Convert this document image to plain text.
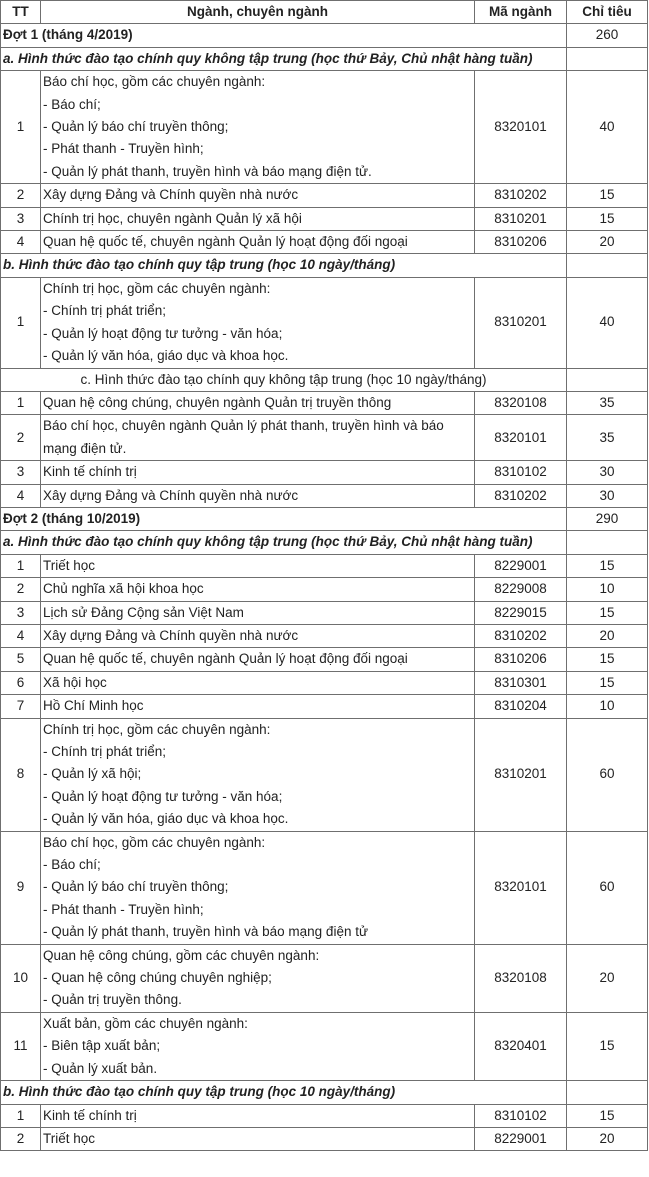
TT	Ngành, chuyên ngành	Mã ngành	Chỉ tiêu
Đợt 1 (tháng 4/2019)			260
a. Hình thức đào tạo chính quy không tập trung (học thứ Bảy, Chủ nhật hàng tuần)			
1	Báo chí học, gồm các chuyên ngành:
- Báo chí;
- Quản lý báo chí truyền thông;
- Phát thanh - Truyền hình;
- Quản lý phát thanh, truyền hình và báo mạng điện tử.	8320101	40
2	Xây dựng Đảng và Chính quyền nhà nước	8310202	15
3	Chính trị học, chuyên ngành Quản lý xã hội	8310201	15
4	Quan hệ quốc tế, chuyên ngành Quản lý hoạt động đối ngoại	8310206	20
b. Hình thức đào tạo chính quy tập trung (học 10 ngày/tháng)			
1	Chính trị học, gồm các chuyên ngành:
- Chính trị phát triển;
- Quản lý hoạt động tư tưởng - văn hóa;
- Quản lý văn hóa, giáo dục và khoa học.	8310201	40
c. Hình thức đào tạo chính quy không tập trung (học 10 ngày/tháng)			
1	Quan hệ công chúng, chuyên ngành Quản trị truyền thông	8320108	35
2	Báo chí học, chuyên ngành Quản lý phát thanh, truyền hình và báo mạng điện tử.	8320101	35
3	Kinh tế chính trị	8310102	30
4	Xây dựng Đảng và Chính quyền nhà nước	8310202	30
Đợt 2 (tháng 10/2019)			290
a. Hình thức đào tạo chính quy không tập trung (học thứ Bảy, Chủ nhật hàng tuần)			
1	Triết học	8229001	15
2	Chủ nghĩa xã hội khoa học	8229008	10
3	Lịch sử Đảng Cộng sản Việt Nam	8229015	15
4	Xây dựng Đảng và Chính quyền nhà nước	8310202	20
5	Quan hệ quốc tế, chuyên ngành Quản lý hoạt động đối ngoại	8310206	15
6	Xã hội học	8310301	15
7	Hồ Chí Minh học	8310204	10
8	Chính trị học, gồm các chuyên ngành:
- Chính trị phát triển;
- Quản lý xã hội;
- Quản lý hoạt động tư tưởng - văn hóa;
- Quản lý văn hóa, giáo dục và khoa học.	8310201	60
9	Báo chí học, gồm các chuyên ngành:
- Báo chí;
- Quản lý báo chí truyền thông;
- Phát thanh - Truyền hình;
- Quản lý phát thanh, truyền hình và báo mạng điện tử	8320101	60
10	Quan hệ công chúng, gồm các chuyên ngành:
- Quan hệ công chúng chuyên nghiệp;
- Quản trị truyền thông.	8320108	20
11	Xuất bản, gồm các chuyên ngành:
- Biên tập xuất bản;
- Quản lý xuất bản.	8320401	15
b. Hình thức đào tạo chính quy tập trung (học 10 ngày/tháng)			
1	Kinh tế chính trị	8310102	15
2	Triết học	8229001	20
